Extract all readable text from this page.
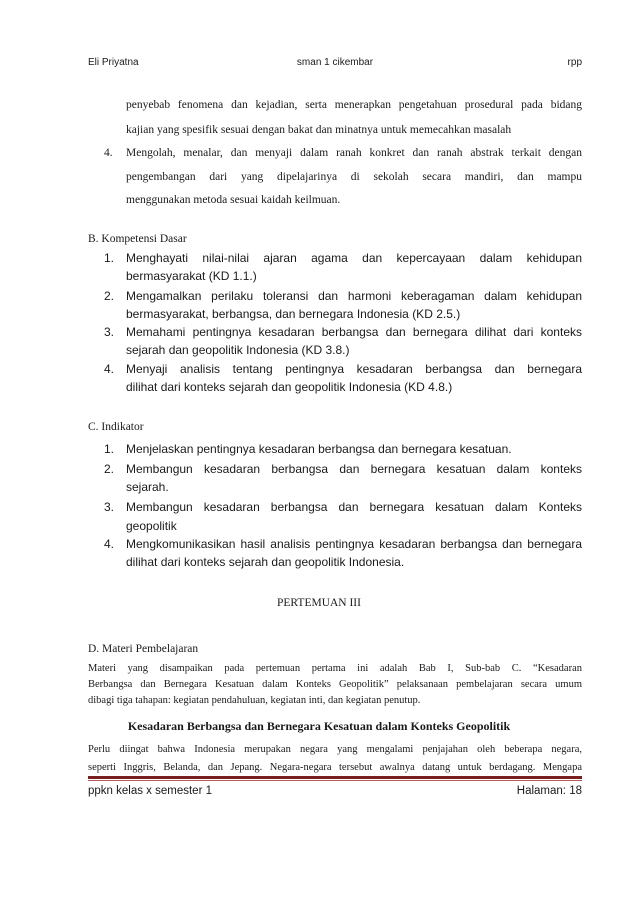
Eli Priyatna	sman 1 cikembar	rpp
penyebab fenomena dan kejadian, serta menerapkan pengetahuan prosedural pada bidang
kajian yang spesifik sesuai dengan bakat dan minatnya untuk memecahkan masalah
4. Mengolah, menalar, dan menyaji dalam ranah konkret dan ranah abstrak terkait dengan
pengembangan dari yang dipelajarinya di sekolah secara mandiri, dan mampu
menggunakan metoda sesuai kaidah keilmuan.
B. Kompetensi Dasar
1. Menghayati nilai-nilai ajaran agama dan kepercayaan dalam kehidupan
bermasyarakat (KD 1.1.)
2. Mengamalkan perilaku toleransi dan harmoni keberagaman dalam kehidupan
bermasyarakat, berbangsa, dan bernegara Indonesia (KD 2.5.)
3. Memahami pentingnya kesadaran berbangsa dan bernegara dilihat dari konteks
sejarah dan geopolitik Indonesia (KD 3.8.)
4. Menyaji analisis tentang pentingnya kesadaran berbangsa dan bernegara
dilihat dari konteks sejarah dan geopolitik Indonesia (KD 4.8.)
C. Indikator
1. Menjelaskan pentingnya kesadaran berbangsa dan bernegara kesatuan.
2. Membangun kesadaran berbangsa dan bernegara kesatuan dalam konteks
sejarah.
3. Membangun kesadaran berbangsa dan bernegara kesatuan dalam Konteks
geopolitik
4. Mengkomunikasikan hasil analisis pentingnya kesadaran berbangsa dan bernegara
dilihat dari konteks sejarah dan geopolitik Indonesia.
PERTEMUAN III
D. Materi Pembelajaran
Materi yang disampaikan pada pertemuan pertama ini adalah Bab I, Sub-bab C. “Kesadaran
Berbangsa dan Bernegara Kesatuan dalam Konteks Geopolitik” pelaksanaan pembelajaran secara umum
dibagi tiga tahapan: kegiatan pendahuluan, kegiatan inti, dan kegiatan penutup.
Kesadaran Berbangsa dan Bernegara Kesatuan dalam Konteks Geopolitik
Perlu diingat bahwa Indonesia merupakan negara yang mengalami penjajahan oleh beberapa negara,
seperti Inggris, Belanda, dan Jepang. Negara-negara tersebut awalnya datang untuk berdagang. Mengapa
ppkn kelas x semester 1	Halaman: 18
